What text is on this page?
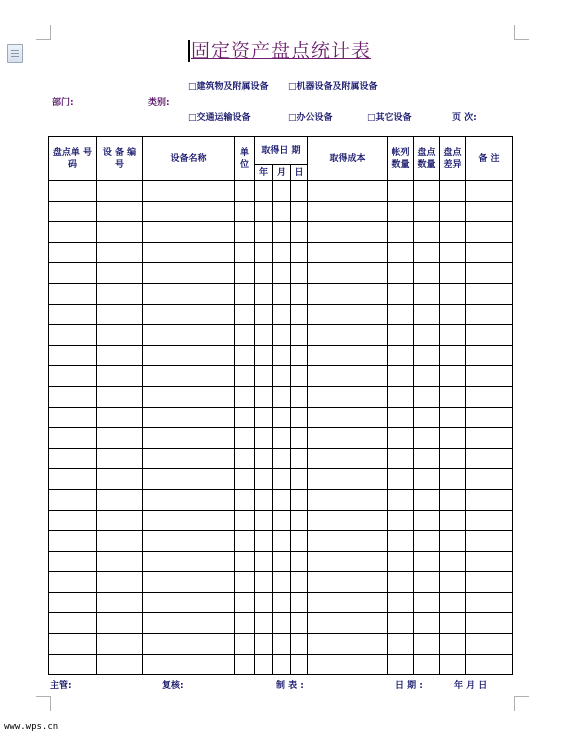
固定资产盘点统计表
□建筑物及附属设备 □机器设备及附属设备
部门:	类别:
□交通运输设备	□办公设备	□其它设备	页 次:
盘点单 号 码	设 备 编 号	设备名称	单 位	取得日 期			取得成本	帐列 数量	盘点 数量	盘点 差异	备 注
				年	月	日					

主管:	复核:	制 表 :	日 期 :	年 月 日
www.wps.cn
